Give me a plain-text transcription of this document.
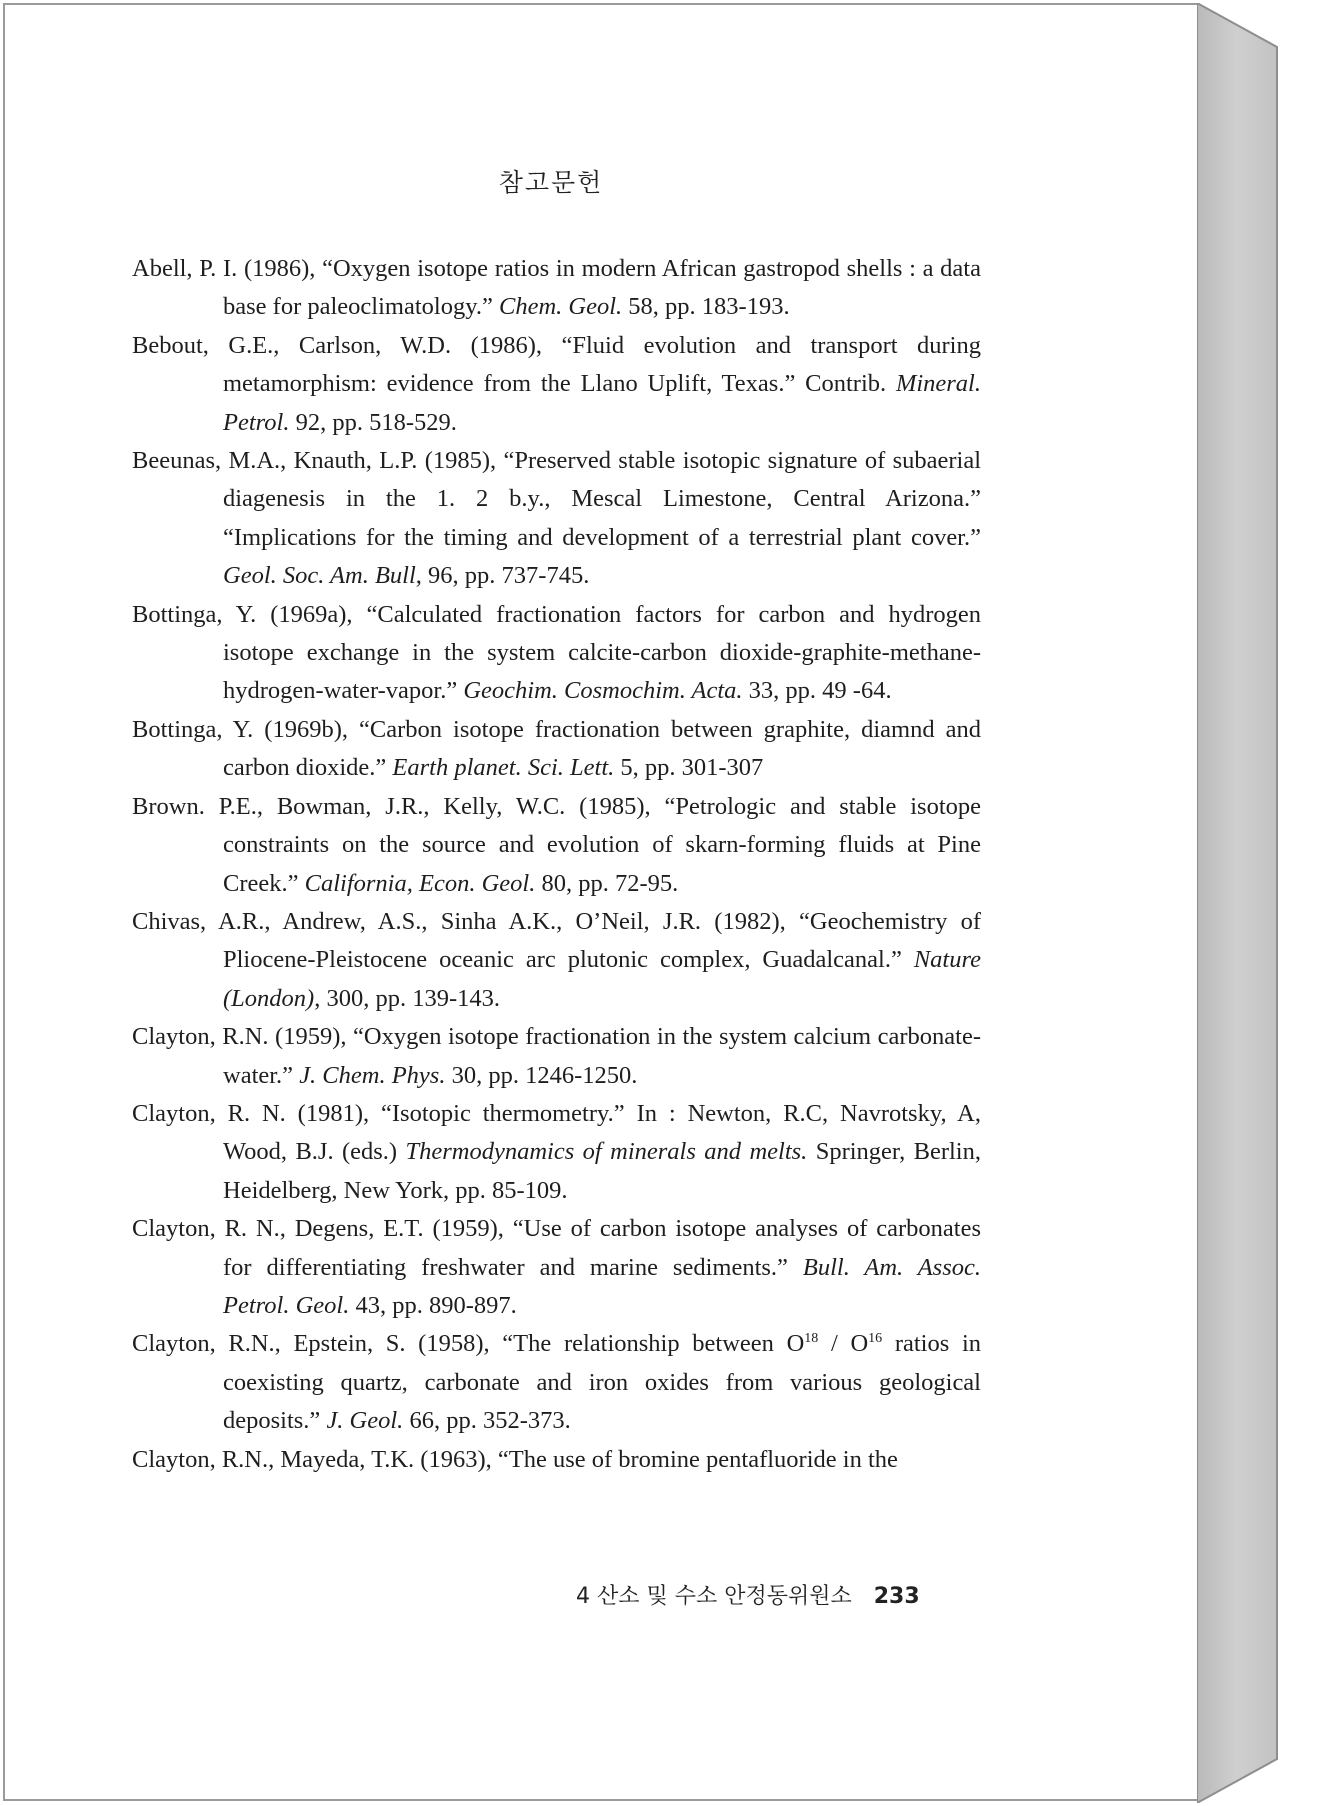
참고문헌
Abell, P. I. (1986), “Oxygen isotope ratios in modern African gastropod shells : a data base for paleoclimatology.” Chem. Geol. 58, pp. 183-193.
Bebout, G.E., Carlson, W.D. (1986), “Fluid evolution and transport during metamorphism: evidence from the Llano Uplift, Texas.” Contrib. Mineral. Petrol. 92, pp. 518-529.
Beeunas, M.A., Knauth, L.P. (1985), “Preserved stable isotopic signature of subaerial diagenesis in the 1. 2 b.y., Mescal Limestone, Central Arizona.” “Implications for the timing and development of a terrestrial plant cover.” Geol. Soc. Am. Bull, 96, pp. 737-745.
Bottinga, Y. (1969a), “Calculated fractionation factors for carbon and hydrogen isotope exchange in the system calcite-carbon dioxide-graphite-methane-hydrogen-water-vapor.” Geochim. Cosmochim. Acta. 33, pp. 49 -64.
Bottinga, Y. (1969b), “Carbon isotope fractionation between graphite, diamnd and carbon dioxide.” Earth planet. Sci. Lett. 5, pp. 301-307
Brown. P.E., Bowman, J.R., Kelly, W.C. (1985), “Petrologic and stable isotope constraints on the source and evolution of skarn-forming fluids at Pine Creek.” California, Econ. Geol. 80, pp. 72-95.
Chivas, A.R., Andrew, A.S., Sinha A.K., O’Neil, J.R. (1982), “Geochemistry of Pliocene-Pleistocene oceanic arc plutonic complex, Guadalcanal.” Nature (London), 300, pp. 139-143.
Clayton, R.N. (1959), “Oxygen isotope fractionation in the system calcium carbonate-water.” J. Chem. Phys. 30, pp. 1246-1250.
Clayton, R. N. (1981), “Isotopic thermometry.” In : Newton, R.C, Navrotsky, A, Wood, B.J. (eds.) Thermodynamics of minerals and melts. Springer, Berlin, Heidelberg, New York, pp. 85-109.
Clayton, R. N., Degens, E.T. (1959), “Use of carbon isotope analyses of carbonates for differentiating freshwater and marine sediments.” Bull. Am. Assoc. Petrol. Geol. 43, pp. 890-897.
Clayton, R.N., Epstein, S. (1958), “The relationship between $O^{18} / O^{16}$ ratios in coexisting quartz, carbonate and iron oxides from various geological deposits.” J. Geol. 66, pp. 352-373.
Clayton, R.N., Mayeda, T.K. (1963), “The use of bromine pentafluoride in the
4 산소 및 수소 안정동위원소 233
